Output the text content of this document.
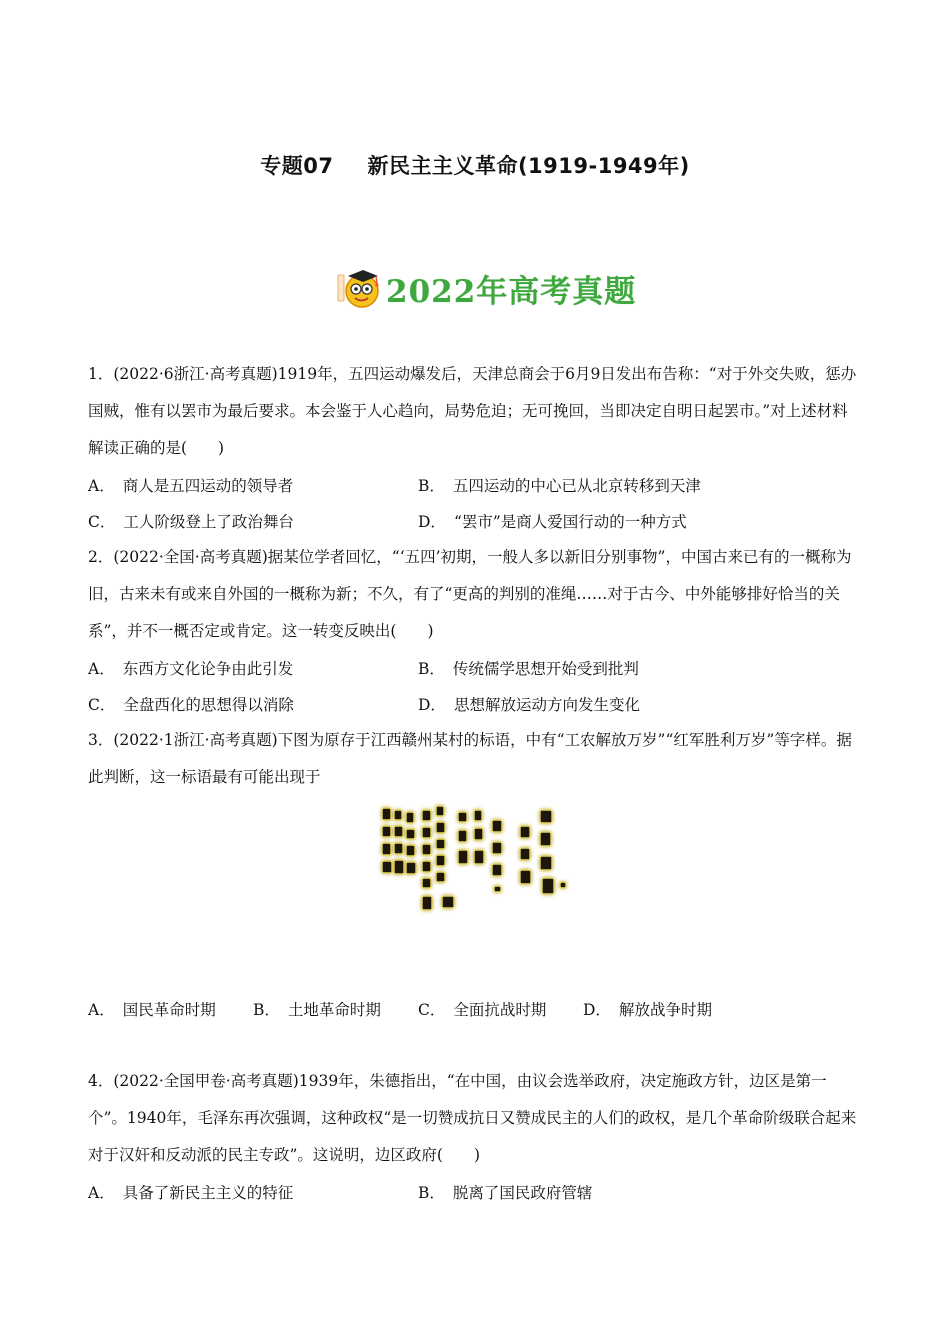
专题07 新民主主义革命(1919-1949年)
2022年高考真题

1．(2022·6浙江·高考真题)1919年，五四运动爆发后，天津总商会于6月9日发出布告称：“对于外交失败，惩办国贼，惟有以罢市为最后要求。本会鉴于人心趋向，局势危迫；无可挽回，当即决定自明日起罢市。”对上述材料解读正确的是(　　)

A． 商人是五四运动的领导者	B． 五四运动的中心已从北京转移到天津
C． 工人阶级登上了政治舞台	D． “罢市”是商人爱国行动的一种方式

2．(2022·全国·高考真题)据某位学者回忆，“‘五四’初期，一般人多以新旧分别事物”，中国古来已有的一概称为旧，古来未有或来自外国的一概称为新；不久，有了“更高的判别的准绳……对于古今、中外能够排好恰当的关系”，并不一概否定或肯定。这一转变反映出(　　)

A． 东西方文化论争由此引发	B． 传统儒学思想开始受到批判
C． 全盘西化的思想得以消除	D． 思想解放运动方向发生变化

3．(2022·1浙江·高考真题)下图为原存于江西赣州某村的标语，中有“工农解放万岁”“红军胜利万岁”等字样。据此判断，这一标语最有可能出现于

A． 国民革命时期 B． 土地革命时期 C． 全面抗战时期 D． 解放战争时期

4．(2022·全国甲卷·高考真题)1939年，朱德指出，“在中国，由议会选举政府，决定施政方针，边区是第一个”。1940年，毛泽东再次强调，这种政权“是一切赞成抗日又赞成民主的人们的政权，是几个革命阶级联合起来对于汉奸和反动派的民主专政”。这说明，边区政府(　　)

A． 具备了新民主主义的特征	B． 脱离了国民政府管辖
